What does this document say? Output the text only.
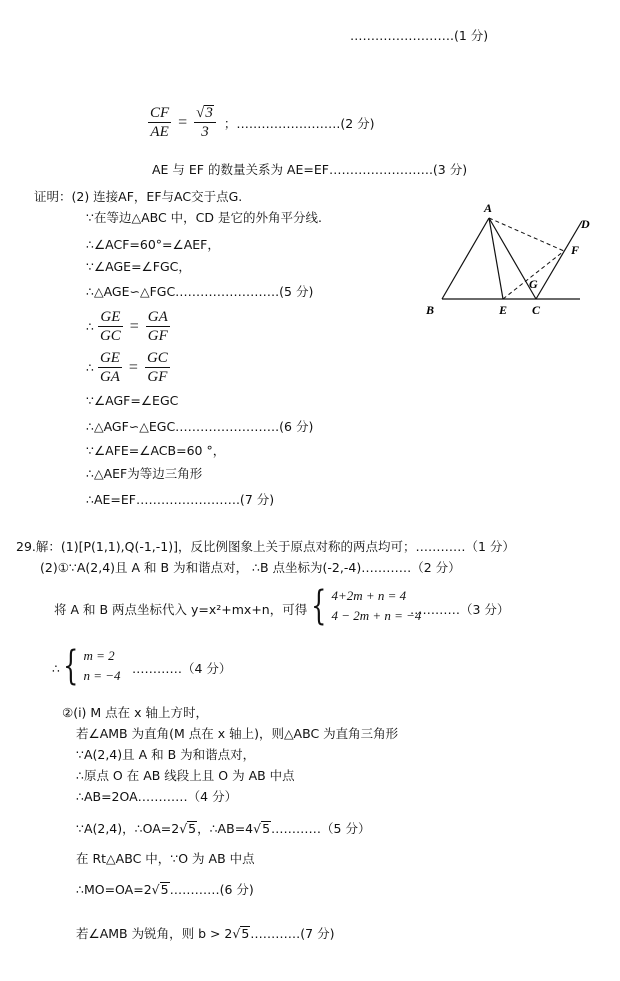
…………………….(1 分)
$\frac{CF}{AE} = \frac{√3}{3}$ ；…………………….(2 分)
AE 与 EF 的数量关系为 AE=EF…………………….(3 分)
证明：(2) 连接AF，EF与AC交于点G.
∵在等边△ABC 中，CD 是它的外角平分线.
∴∠ACF=60°=∠AEF，
∵∠AGE=∠FGC，
∴△AGE∽△FGC…………………….(5 分)
∴ $\frac{GE}{GC} = \frac{GA}{GF}$
∴ $\frac{GE}{GA} = \frac{GC}{GF}$
∵∠AGF=∠EGC
∴△AGF∽△EGC…………………….(6 分)
∵∠AFE=∠ACB=60 °，
∴△AEF为等边三角形
∴AE=EF…………………….(7 分)
A
B	C
D
E
F
G
29.解：(1)[P(1,1),Q(-1,-1)]，反比例图象上关于原点对称的两点均可；…………（1 分）
(2)①∵A(2,4)且 A 和 B 为和谐点对， ∴B 点坐标为(-2,-4)…………（2 分）
将 A 和 B 两点坐标代入 y=x²+mx+n，可得 { 4+2m + n = 4
4 − 2m + n = −4
…………（3 分）
∴ { m = 2
n = −4 …………（4 分）
②(ⅰ) M 点在 x 轴上方时，
若∠AMB 为直角(M 点在 x 轴上)，则△ABC 为直角三角形
∵A(2,4)且 A 和 B 为和谐点对，
∴原点 O 在 AB 线段上且 O 为 AB 中点
∴AB=2OA…………（4 分）
∵A(2,4)，∴OA=2√5，∴AB=4√5…………（5 分）
在 Rt△ABC 中，∵O 为 AB 中点
∴MO=OA=2√5…………(6 分)
若∠AMB 为锐角，则 b > 2√5…………(7 分)
